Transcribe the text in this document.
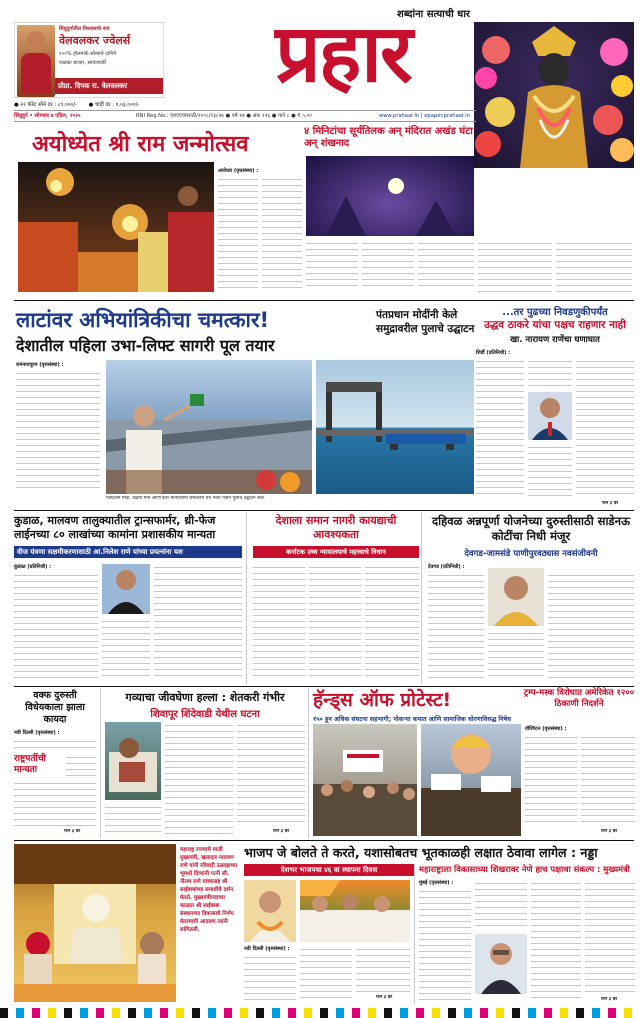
सिंधुदुर्गातील विश्वासाचे नाव
वेलवलकर ज्वेलर्स
१००% हॉलमार्क सोन्याचे दागिने
जळका बाजार, सावंतवाडी
प्रोप्रा. दिपक रा. वेलवलकर
शब्दांना सत्याची धार
प्रहार
● २२ कॅरेट सोने दर : ८९,०००/- ● चांदी दर : १,०३,०००/-
सिंधुदुर्ग • सोमवार ७ एप्रिल, २०२५	RNI Reg.No.: एमएएचमराठी/२००८/२३८२७ ● वर्ष १७ ● अंक १९६ ● पाने ८ ● ₹ ५.००	www.prahaar.in | epaper.prahaar.in
अयोध्येत श्री राम जन्मोत्सव
४ मिनिटांचा सूर्यतिलक अन् मंदिरात अखंड घंटा अन् शंखनाद
अयोध्या (वृत्तसंस्था) :
लाटांवर अभियांत्रिकीचा चमत्कार!
देशातील पहिला उभा-लिफ्ट सागरी पूल तयार
पंतप्रधान मोदींनी केले समुद्रावरील पुलाचे उद्घाटन
रामनाथपूरम (वृत्तसंस्था) :
पंतप्रधान मोदी, केंद्रीय मंत्री आणि इतर मान्यवरांनी रामेश्वरम येथे नव्या पांबन पुलाचे उद्घाटन केले.
...तर पुढच्या निवडणुकीपर्यंत
उद्धव ठाकरे यांचा पक्षच राहणार नाही
खा. नारायण राणेंचा घणाघात
शिर्डी (प्रतिनिधी) :
पान ३ वर
कुडाळ, मालवण तालुक्यातील ट्रान्सफार्मर, थ्री-फेज लाईनच्या ८० लाखांच्या कामांना प्रशासकीय मान्यता
वीज यंत्रणा सक्षमीकरणासाठी आ.निलेश राणे यांच्या प्रयत्नांना यश
कुडाळ (प्रतिनिधी) :
देशाला समान नागरी कायद्याची आवश्यकता
कर्नाटक उच्च न्यायालयाचे महत्त्वाचे विधान
दहिवळ अन्नपूर्णा योजनेच्या दुरुस्तीसाठी साडेनऊ कोटींचा निधी मंजूर
देवगड-जामसंडे पाणीपुरवठ्यास नवसंजीवनी
देवगड (प्रतिनिधी) :
वक्फ दुरुस्ती विधेयकाला झाला कायदा
नवी दिल्ली (वृत्तसंस्था) :
राष्ट्रपतींची मान्यता
पान ३ वर
गव्याचा जीवघेणा हल्ला : शेतकरी गंभीर
शिवापूर शिंदेवाडी येथील घटना
पान ३ वर
हॅन्ड्स ऑफ प्रोटेस्ट!	ट्रम्प-मस्क विरोधात अमेरिकेत १२०० ठिकाणी निदर्शने
१५० हून अधिक संघटना सहभागी; नोकऱ्या कपात आणि सामाजिक धोरणाविरुद्ध निषेध
वॉशिंग्टन (वृत्तसंस्था) :
पान ३ वर
महाराष्ट्र राज्याचे माजी मुख्यमंत्री, खासदार नारायण राणे यांनी रविवारी उत्साहाच्या भूमध्ये दिव्यांनी पत्नी सौ. नीलम राणे यांच्यासह श्री साईबाबांच्या समाधीचे दर्शन घेतले. मुख्यमंत्रीपदाच्या काळात श्री साईबाबा संस्थानच्या विकासाचे निर्णय घेतल्याची आठवण त्यांनी सांगितली.
भाजप जे बोलते ते करते, यशासोबतच भूतकाळही लक्षात ठेवावा लागेल : नड्डा
देशभर भाजपचा ४६ वा स्थापना दिवस
नवी दिल्ली (वृत्तसंस्था) :
पान ३ वर
महाराष्ट्राला विकासाच्या शिखरावर नेणे हाच पक्षाचा संकल्प : मुख्यमंत्री
मुंबई (वृत्तसंस्था) :
पान ३ वर
